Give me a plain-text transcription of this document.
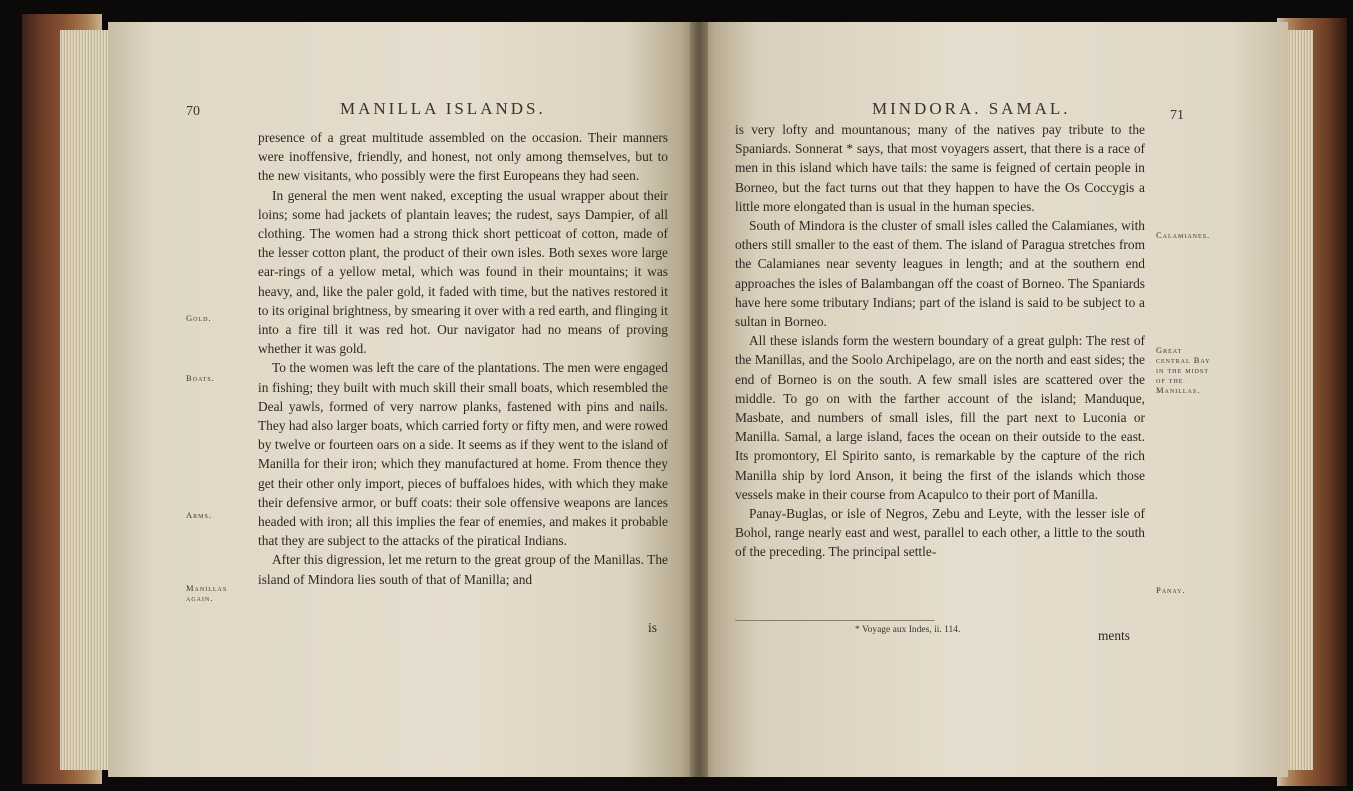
70	MANILLA ISLANDS.

presence of a great multitude assembled on the occasion. Their manners were inoffensive, friendly, and honest, not only among themselves, but to the new visitants, who possibly were the first Europeans they had seen.

In general the men went naked, excepting the usual wrapper about their loins; some had jackets of plantain leaves; the rudest, says Dampier, of all clothing. The women had a strong thick short petticoat of cotton, made of the lesser cotton plant, the product of their own isles. Both sexes wore large ear-rings of a yellow metal, which was found in their mountains; it was heavy, and, like the paler gold, it faded with time, but the natives restored it to its original brightness, by smearing it over with a red earth, and flinging it into a fire till it was red hot. Our navigator had no means of proving whether it was gold.

To the women was left the care of the plantations. The men were engaged in fishing; they built with much skill their small boats, which resembled the Deal yawls, formed of very narrow planks, fastened with pins and nails. They had also larger boats, which carried forty or fifty men, and were rowed by twelve or fourteen oars on a side. It seems as if they went to the island of Manilla for their iron; which they manufactured at home. From thence they get their other only import, pieces of buffaloes hides, with which they make their defensive armor, or buff coats: their sole offensive weapons are lances headed with iron; all this implies the fear of enemies, and makes it probable that they are subject to the attacks of the piratical Indians.

After this digression, let me return to the great group of the Manillas. The island of Mindora lies south of that of Manilla; and

is
Gold.
Boats.
Arms.
Manillas again.
MINDORA. SAMAL.	71

is very lofty and mountanous; many of the natives pay tribute to the Spaniards. Sonnerat * says, that most voyagers assert, that there is a race of men in this island which have tails: the same is feigned of certain people in Borneo, but the fact turns out that they happen to have the Os Coccygis a little more elongated than is usual in the human species.

South of Mindora is the cluster of small isles called the Calamianes, with others still smaller to the east of them. The island of Paragua stretches from the Calamianes near seventy leagues in length; and at the southern end approaches the isles of Balambangan off the coast of Borneo. The Spaniards have here some tributary Indians; part of the island is said to be subject to a sultan in Borneo.

All these islands form the western boundary of a great gulph: The rest of the Manillas, and the Soolo Archipelago, are on the north and east sides; the end of Borneo is on the south. A few small isles are scattered over the middle. To go on with the farther account of the island; Manduque, Masbate, and numbers of small isles, fill the part next to Luconia or Manilla. Samal, a large island, faces the ocean on their outside to the east. Its promontory, El Spirito santo, is remarkable by the capture of the rich Manilla ship by lord Anson, it being the first of the islands which those vessels make in their course from Acapulco to their port of Manilla.

Panay-Buglas, or isle of Negros, Zebu and Leyte, with the lesser isle of Bohol, range nearly east and west, parallel to each other, a little to the south of the preceding. The principal settle-

* Voyage aux Indes, ii. 114.	ments
Calamianes.
Great central Bay in the midst of the Manillas.
Panay.
